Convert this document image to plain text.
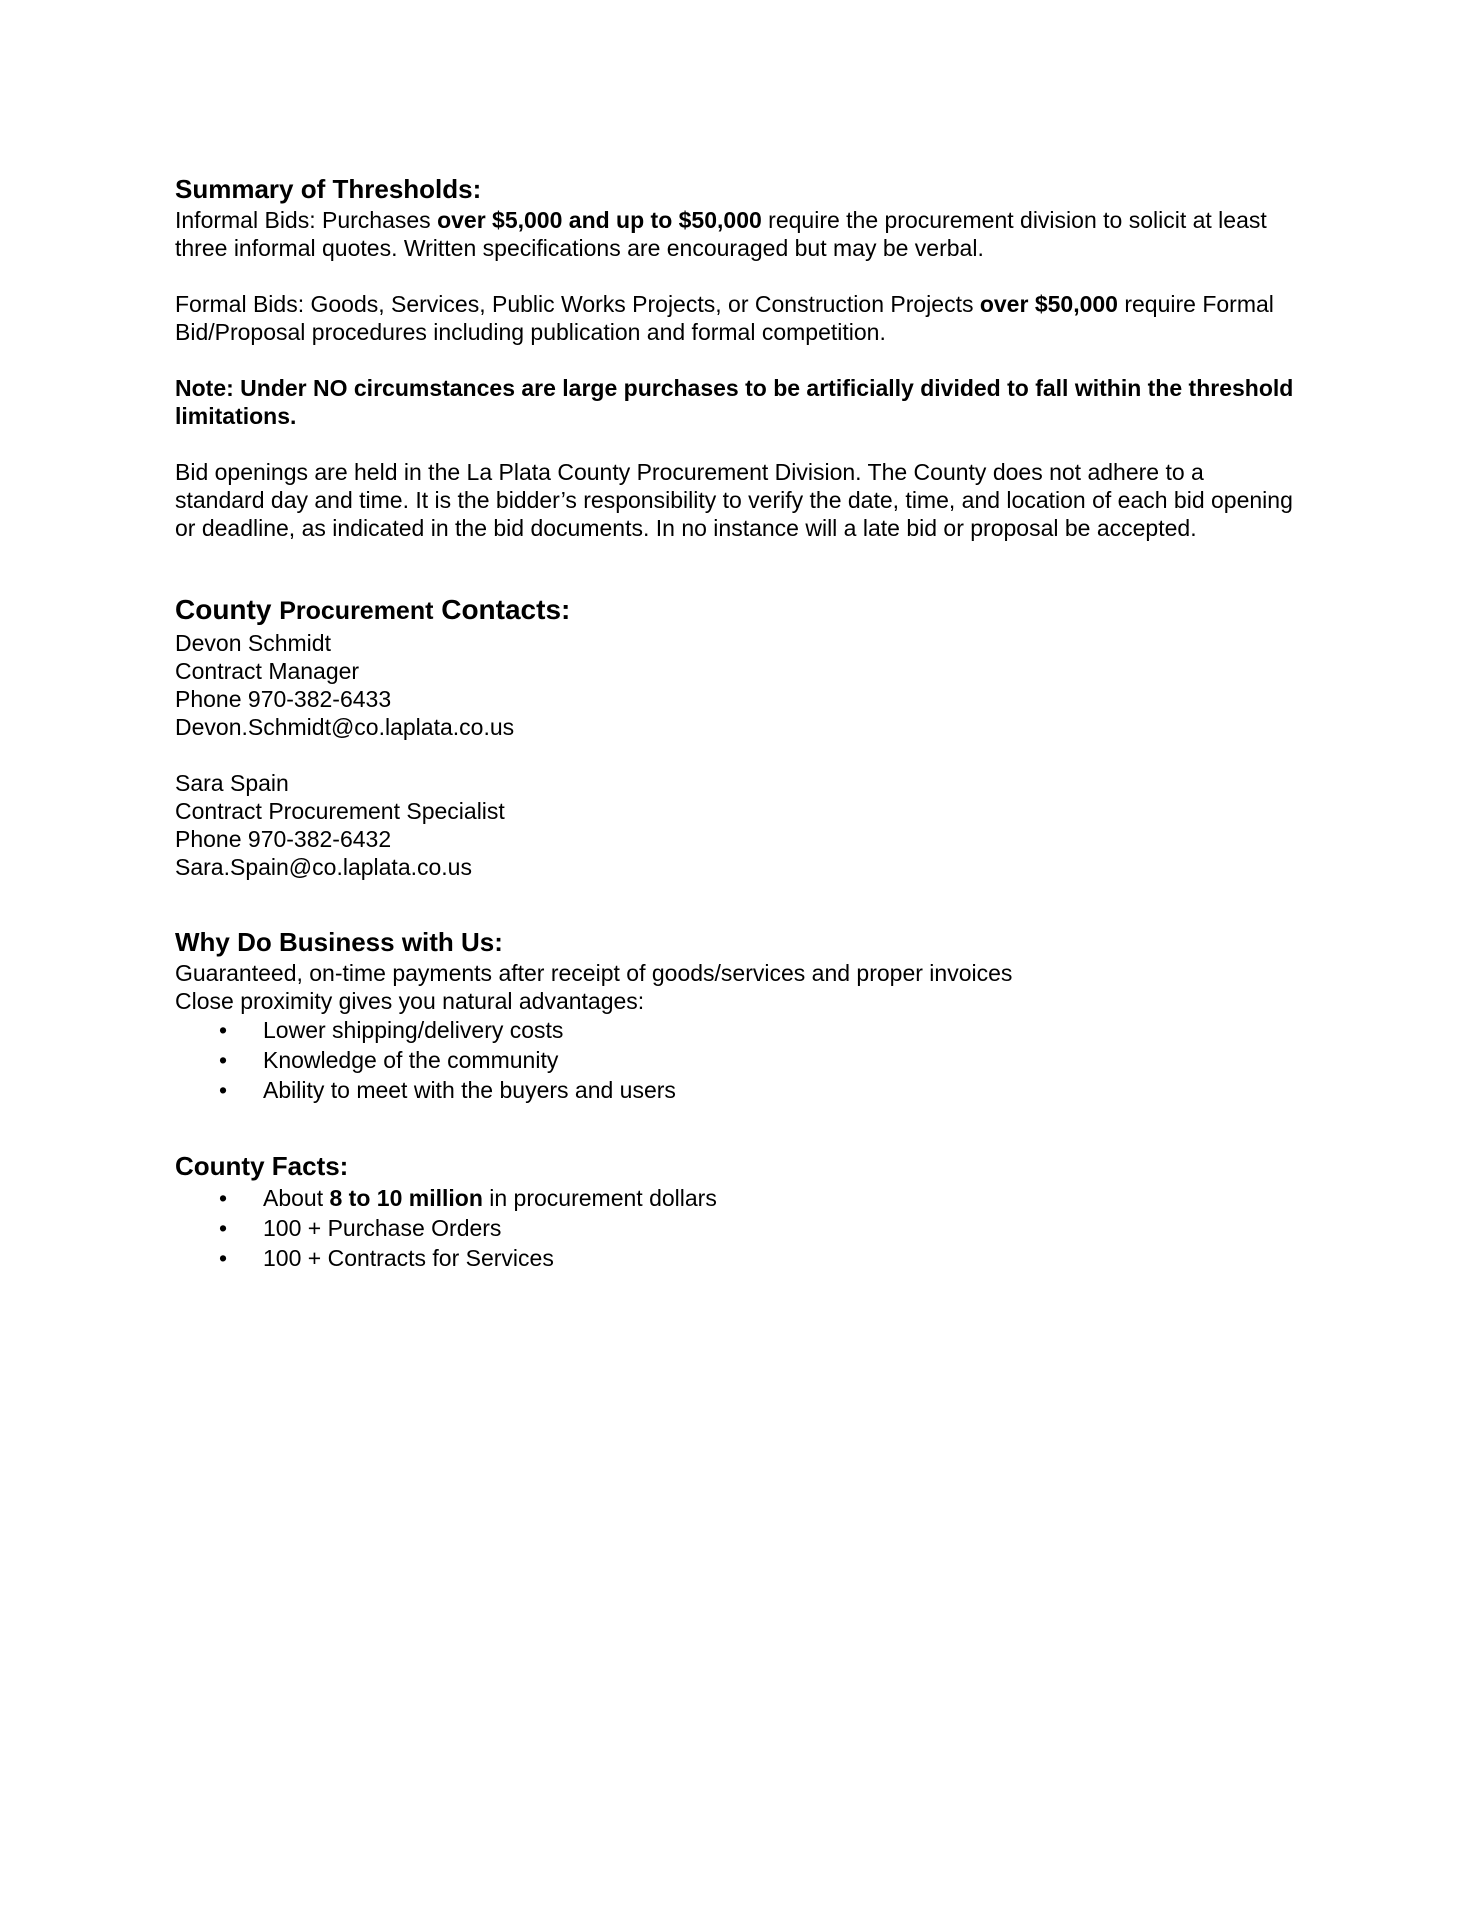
Summary of Thresholds:

Informal Bids: Purchases over $5,000 and up to $50,000 require the procurement division to solicit at least three informal quotes. Written specifications are encouraged but may be verbal.

Formal Bids: Goods, Services, Public Works Projects, or Construction Projects over $50,000 require Formal Bid/Proposal procedures including publication and formal competition.

Note: Under NO circumstances are large purchases to be artificially divided to fall within the threshold limitations.

Bid openings are held in the La Plata County Procurement Division. The County does not adhere to a standard day and time. It is the bidder’s responsibility to verify the date, time, and location of each bid opening or deadline, as indicated in the bid documents. In no instance will a late bid or proposal be accepted.

County Procurement Contacts:
Devon Schmidt
Contract Manager
Phone 970-382-6433
Devon.Schmidt@co.laplata.co.us
Sara Spain
Contract Procurement Specialist
Phone 970-382-6432
Sara.Spain@co.laplata.co.us
Why Do Business with Us:

Guaranteed, on-time payments after receipt of goods/services and proper invoices

Close proximity gives you natural advantages:

• Lower shipping/delivery costs
• Knowledge of the community
• Ability to meet with the buyers and users
County Facts:
• About 8 to 10 million in procurement dollars
• 100 + Purchase Orders
• 100 + Contracts for Services
